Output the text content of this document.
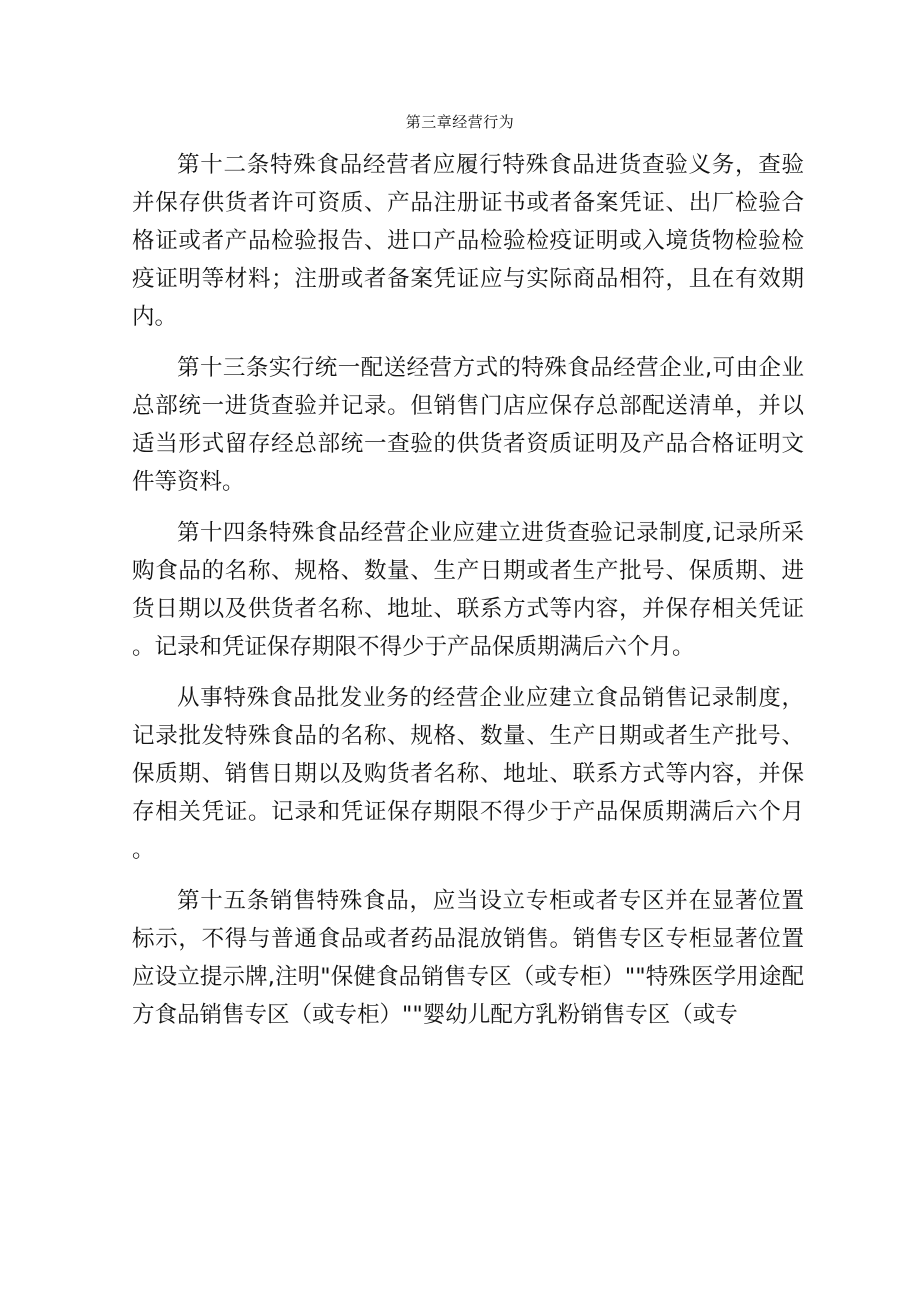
第三章经营行为

第十二条特殊食品经营者应履行特殊食品进货查验义务，查验并保存供货者许可资质、产品注册证书或者备案凭证、出厂检验合格证或者产品检验报告、进口产品检验检疫证明或入境货物检验检疫证明等材料；注册或者备案凭证应与实际商品相符，且在有效期内。

第十三条实行统一配送经营方式的特殊食品经营企业,可由企业总部统一进货查验并记录。但销售门店应保存总部配送清单，并以适当形式留存经总部统一查验的供货者资质证明及产品合格证明文件等资料。

第十四条特殊食品经营企业应建立进货查验记录制度,记录所采购食品的名称、规格、数量、生产日期或者生产批号、保质期、进货日期以及供货者名称、地址、联系方式等内容，并保存相关凭证。记录和凭证保存期限不得少于产品保质期满后六个月。

从事特殊食品批发业务的经营企业应建立食品销售记录制度，记录批发特殊食品的名称、规格、数量、生产日期或者生产批号、保质期、销售日期以及购货者名称、地址、联系方式等内容，并保存相关凭证。记录和凭证保存期限不得少于产品保质期满后六个月。

第十五条销售特殊食品，应当设立专柜或者专区并在显著位置标示，不得与普通食品或者药品混放销售。销售专区专柜显著位置应设立提示牌,注明"保健食品销售专区（或专柜）""特殊医学用途配方食品销售专区（或专柜）""婴幼儿配方乳粉销售专区（或专
